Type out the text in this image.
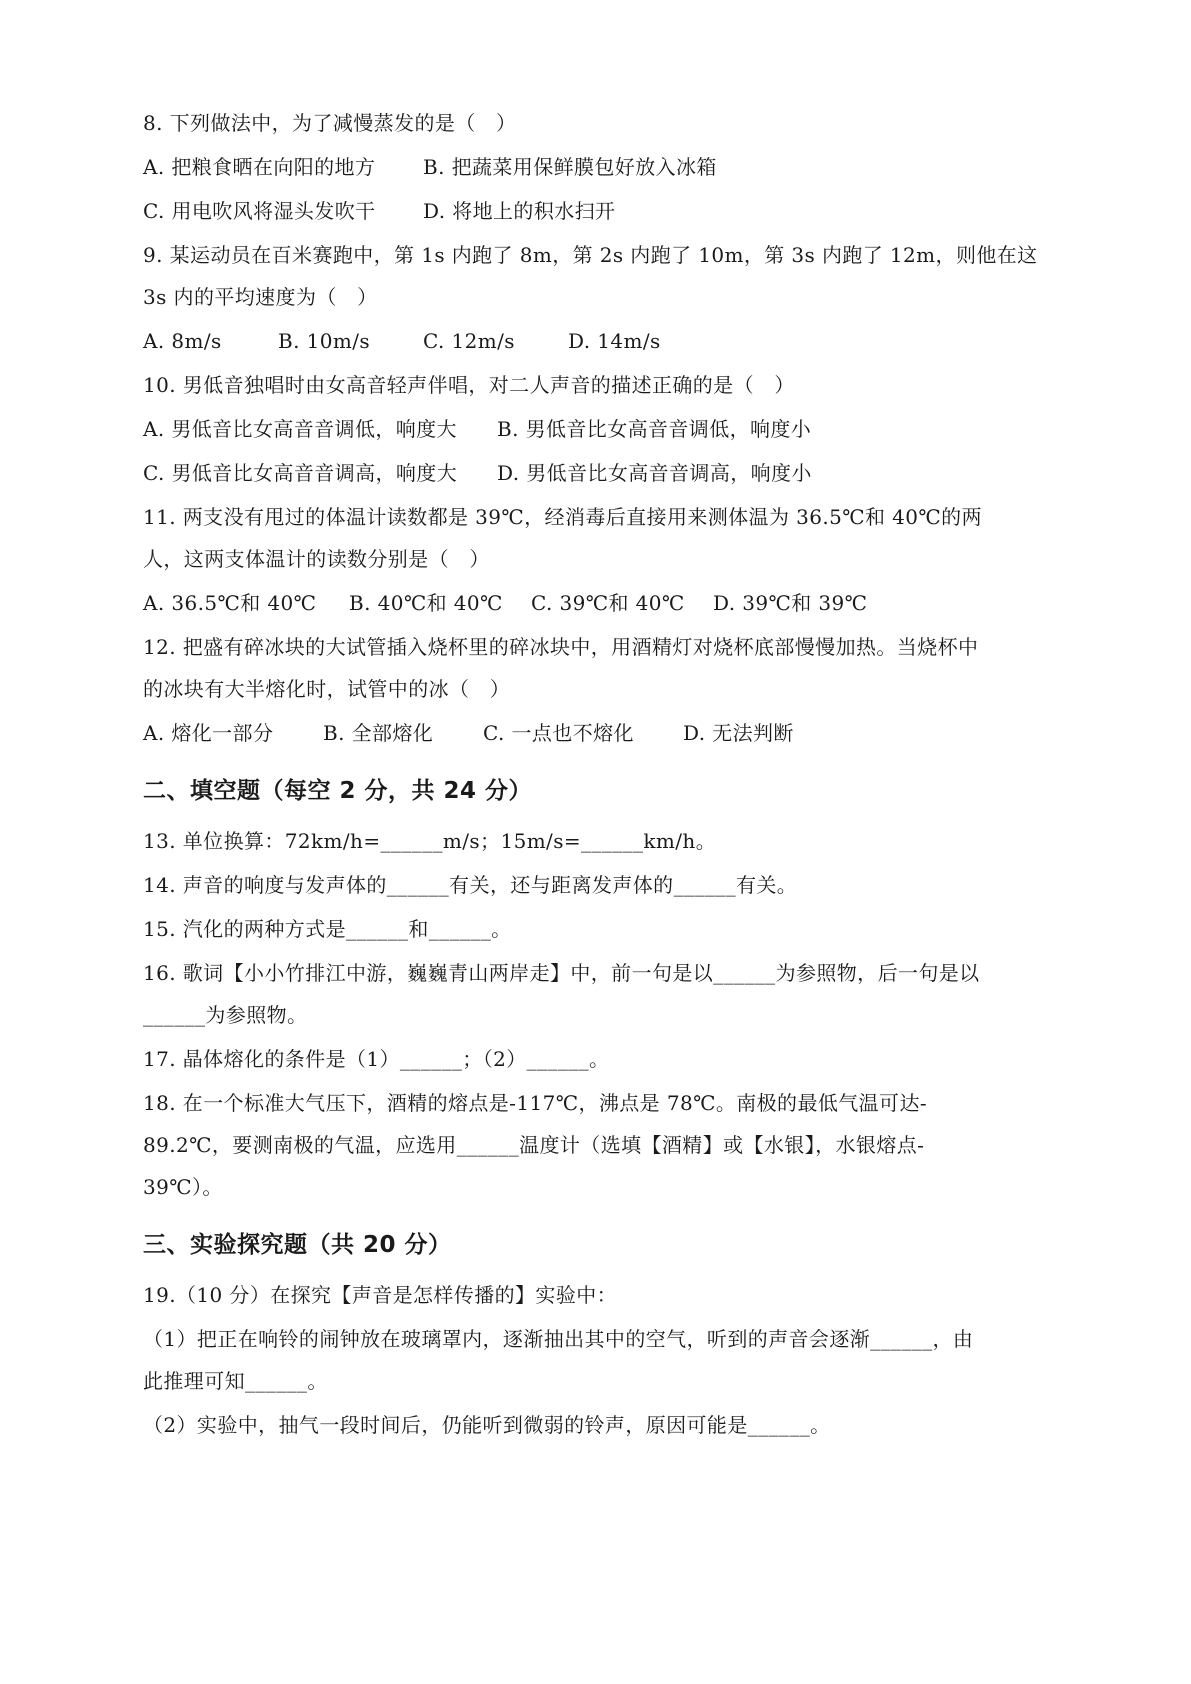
8. 下列做法中，为了减慢蒸发的是（　）
A. 把粮食晒在向阳的地方	B. 把蔬菜用保鲜膜包好放入冰箱
C. 用电吹风将湿头发吹干	D. 将地上的积水扫开
9. 某运动员在百米赛跑中，第 1s 内跑了 8m，第 2s 内跑了 10m，第 3s 内跑了 12m，则他在这
3s 内的平均速度为（　）
A. 8m/s	B. 10m/s	C. 12m/s	D. 14m/s
10. 男低音独唱时由女高音轻声伴唱，对二人声音的描述正确的是（　）
A. 男低音比女高音音调低，响度大 B. 男低音比女高音音调低，响度小
C. 男低音比女高音音调高，响度大 D. 男低音比女高音音调高，响度小
11. 两支没有甩过的体温计读数都是 39℃，经消毒后直接用来测体温为 36.5℃和 40℃的两
人，这两支体温计的读数分别是（　）
A. 36.5℃和 40℃ B. 40℃和 40℃ C. 39℃和 40℃ D. 39℃和 39℃
12. 把盛有碎冰块的大试管插入烧杯里的碎冰块中，用酒精灯对烧杯底部慢慢加热。当烧杯中
的冰块有大半熔化时，试管中的冰（　）
A. 熔化一部分	B. 全部熔化	C. 一点也不熔化	D. 无法判断
二、填空题（每空 2 分，共 24 分）
13. 单位换算：72km/h=______m/s；15m/s=______km/h。
14. 声音的响度与发声体的______有关，还与距离发声体的______有关。
15. 汽化的两种方式是______和______。
16. 歌词【小小竹排江中游，巍巍青山两岸走】中，前一句是以______为参照物，后一句是以
______为参照物。
17. 晶体熔化的条件是（1）______；（2）______。
18. 在一个标准大气压下，酒精的熔点是-117℃，沸点是 78℃。南极的最低气温可达-
89.2℃，要测南极的气温，应选用______温度计（选填【酒精】或【水银】，水银熔点-
39℃）。
三、实验探究题（共 20 分）
19.（10 分）在探究【声音是怎样传播的】实验中：
（1）把正在响铃的闹钟放在玻璃罩内，逐渐抽出其中的空气，听到的声音会逐渐______，由
此推理可知______。
（2）实验中，抽气一段时间后，仍能听到微弱的铃声，原因可能是______。
